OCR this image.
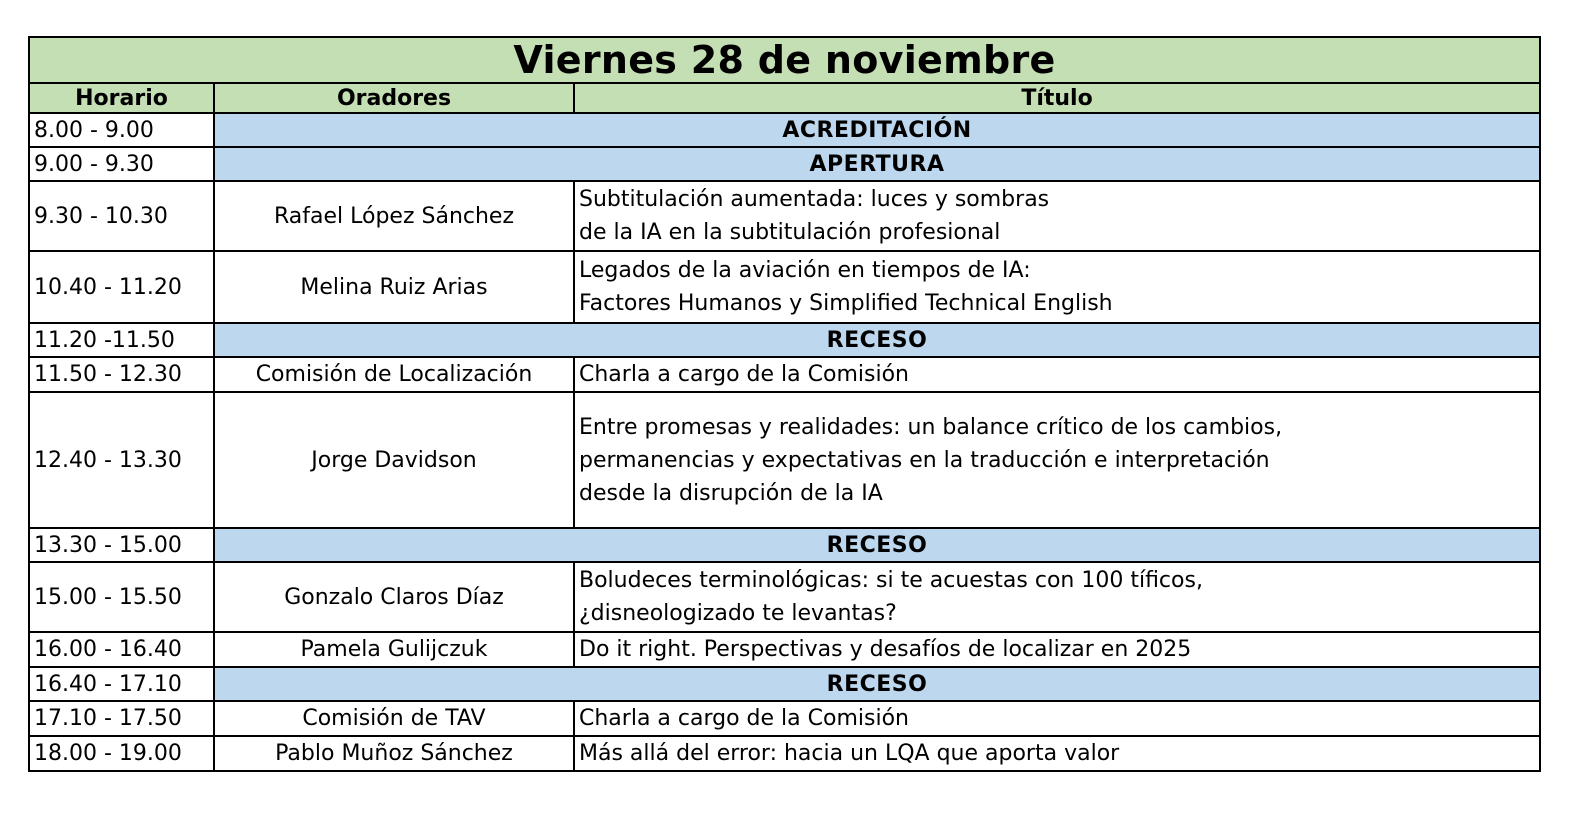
Viernes 28 de noviembre		
Horario	Oradores	Título
8.00 - 9.00	ACREDITACIÓN	
9.00 - 9.30	APERTURA	
9.30 - 10.30	Rafael López Sánchez	Subtitulación aumentada: luces y sombras
de la IA en la subtitulación profesional

10.40 - 11.20	Melina Ruiz Arias	Legados de la aviación en tiempos de IA:
Factores Humanos y Simplified Technical English

11.20 -11.50	RECESO	
11.50 - 12.30	Comisión de Localización	Charla a cargo de la Comisión

12.40 - 13.30	Jorge Davidson	Entre promesas y realidades: un balance crítico de los cambios,
permanencias y expectativas en la traducción e interpretación
desde la disrupción de la IA

13.30 - 15.00	RECESO	
15.00 - 15.50	Gonzalo Claros Díaz	Boludeces terminológicas: si te acuestas con 100 tíficos,
¿disneologizado te levantas?

16.00 - 16.40	Pamela Gulijczuk	Do it right. Perspectivas y desafíos de localizar en 2025

16.40 - 17.10	RECESO	
17.10 - 17.50	Comisión de TAV	Charla a cargo de la Comisión

18.00 - 19.00	Pablo Muñoz Sánchez	Más allá del error: hacia un LQA que aporta valor
